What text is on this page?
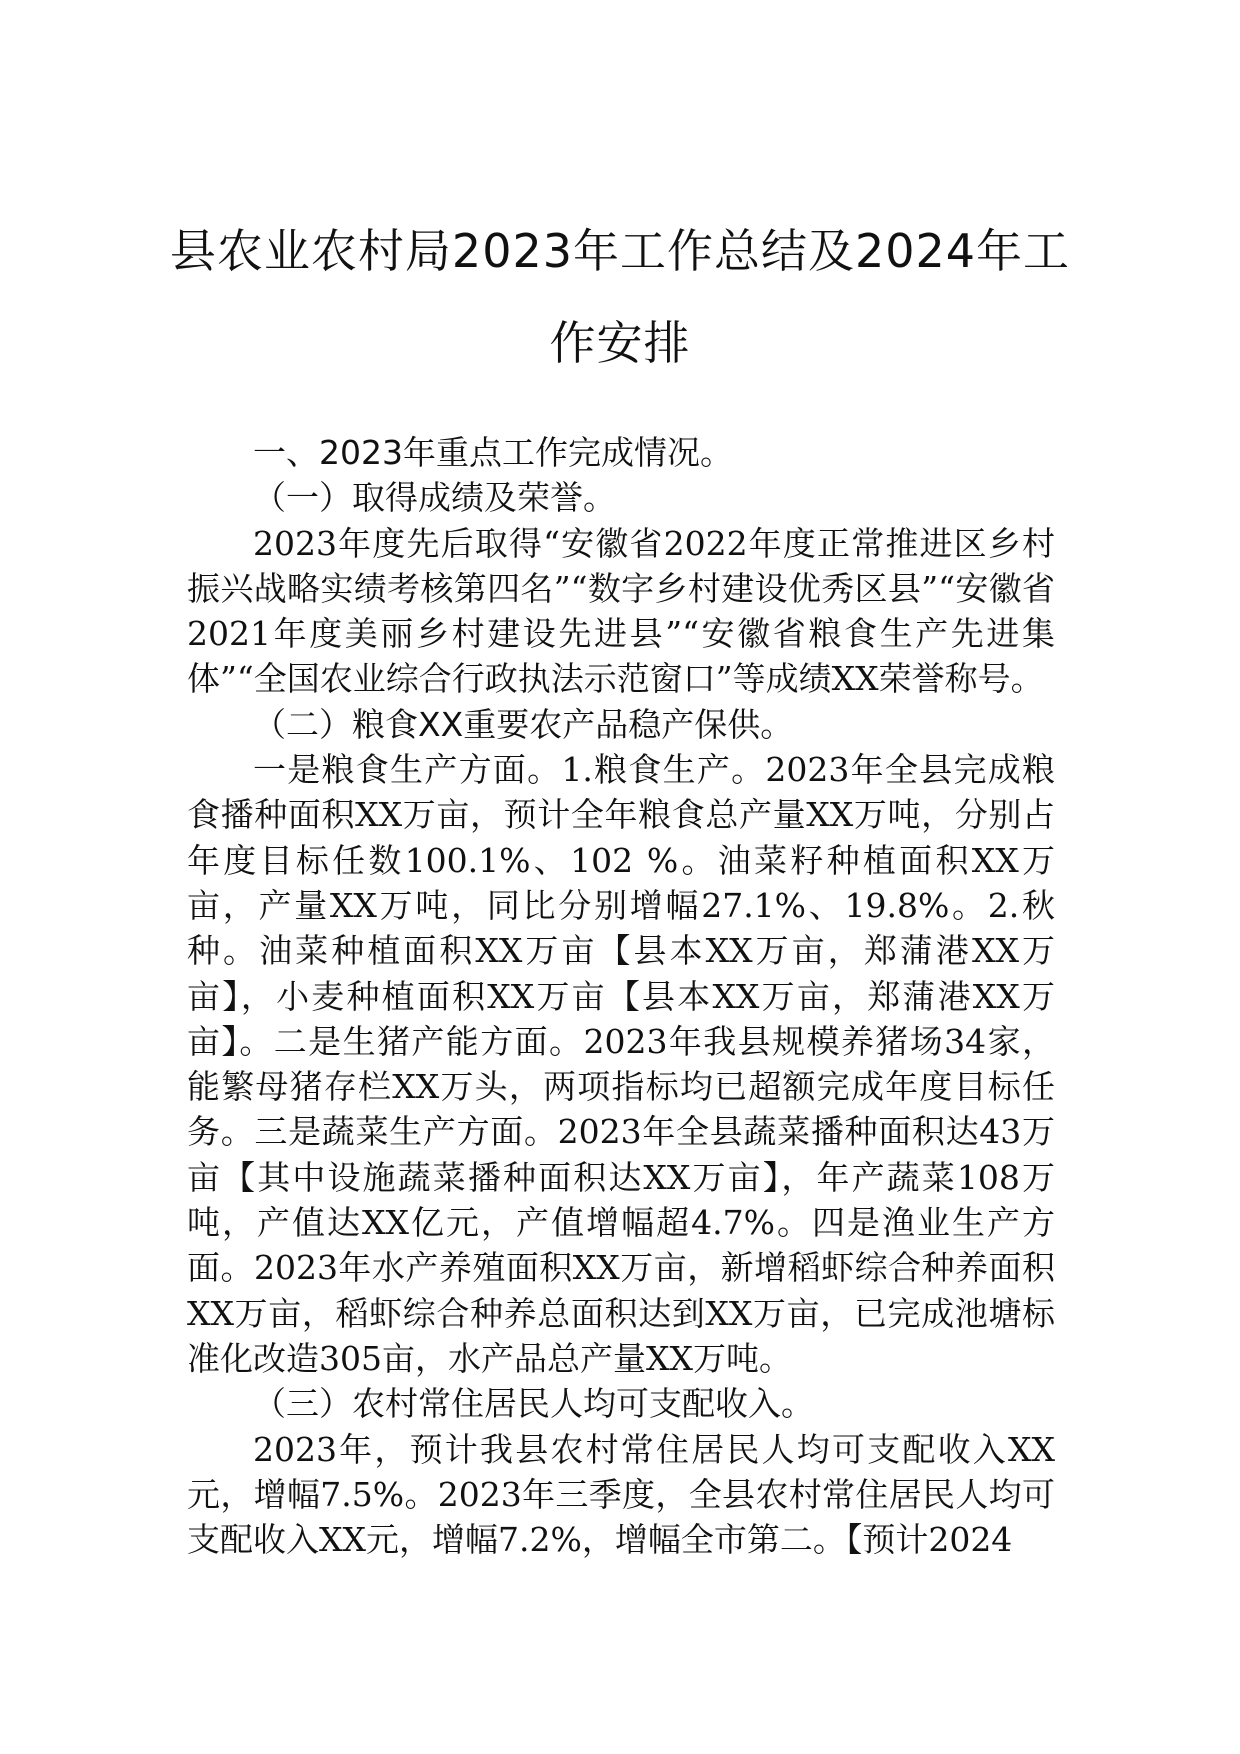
县农业农村局2023年工作总结及2024年工作安排

一、2023年重点工作完成情况。

（一）取得成绩及荣誉。

2023年度先后取得“安徽省2022年度正常推进区乡村振兴战略实绩考核第四名”“数字乡村建设优秀区县”“安徽省2021年度美丽乡村建设先进县”“安徽省粮食生产先进集体”“全国农业综合行政执法示范窗口”等成绩XX荣誉称号。

（二）粮食XX重要农产品稳产保供。

一是粮食生产方面。1.粮食生产。2023年全县完成粮食播种面积XX万亩，预计全年粮食总产量XX万吨，分别占年度目标任数100.1%、102 %。油菜籽种植面积XX万亩，产量XX万吨，同比分别增幅27.1%、19.8%。2.秋种。油菜种植面积XX万亩【县本XX万亩，郑蒲港XX万亩】，小麦种植面积XX万亩【县本XX万亩，郑蒲港XX万亩】。二是生猪产能方面。2023年我县规模养猪场34家，能繁母猪存栏XX万头，两项指标均已超额完成年度目标任务。三是蔬菜生产方面。2023年全县蔬菜播种面积达43万亩【其中设施蔬菜播种面积达XX万亩】，年产蔬菜108万吨，产值达XX亿元，产值增幅超4.7%。四是渔业生产方面。2023年水产养殖面积XX万亩，新增稻虾综合种养面积XX万亩，稻虾综合种养总面积达到XX万亩，已完成池塘标准化改造305亩，水产品总产量XX万吨。

（三）农村常住居民人均可支配收入。

2023年，预计我县农村常住居民人均可支配收入XX元，增幅7.5%。2023年三季度，全县农村常住居民人均可支配收入XX元，增幅7.2%，增幅全市第二。【预计2024
